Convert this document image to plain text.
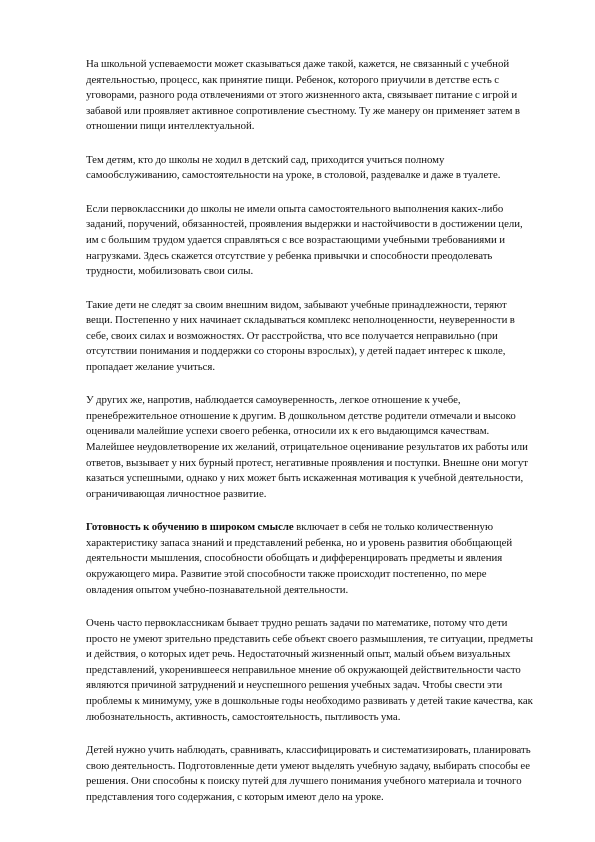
На школьной успеваемости может сказываться даже такой, кажется, не связанный с учебной деятельностью, процесс, как принятие пищи. Ребенок, которого приучили в детстве есть с уговорами, разного рода отвлечениями от этого жизненного акта, связывает питание с игрой и забавой или проявляет активное сопротивление съестному. Ту же манеру он применяет затем в отношении пищи интеллектуальной.

Тем детям, кто до школы не ходил в детский сад, приходится учиться полному самообслуживанию, самостоятельности на уроке, в столовой, раздевалке и даже в туалете.

Если первоклассники до школы не имели опыта самостоятельного выполнения каких-либо заданий, поручений, обязанностей, проявления выдержки и настойчивости в достижении цели, им с большим трудом удается справляться с все возрастающими учебными требованиями и нагрузками. Здесь скажется отсутствие у ребенка привычки и способности преодолевать трудности, мобилизовать свои силы.

Такие дети не следят за своим внешним видом, забывают учебные принадлежности, теряют вещи. Постепенно у них начинает складываться комплекс неполноценности, неуверенности в себе, своих силах и возможностях. От расстройства, что все получается неправильно (при отсутствии понимания и поддержки со стороны взрослых), у детей падает интерес к школе, пропадает желание учиться.

У других же, напротив, наблюдается самоуверенность, легкое отношение к учебе, пренебрежительное отношение к другим. В дошкольном детстве родители отмечали и высоко оценивали малейшие успехи своего ребенка, относили их к его выдающимся качествам. Малейшее неудовлетворение их желаний, отрицательное оценивание результатов их работы или ответов, вызывает у них бурный протест, негативные проявления и поступки. Внешне они могут казаться успешными, однако у них может быть искаженная мотивация к учебной деятельности, ограничивающая личностное развитие.

Готовность к обучению в широком смысле включает в себя не только количественную характеристику запаса знаний и представлений ребенка, но и уровень развития обобщающей деятельности мышления, способности обобщать и дифференцировать предметы и явления окружающего мира. Развитие этой способности также происходит постепенно, по мере овладения опытом учебно-познавательной деятельности.

Очень часто первоклассникам бывает трудно решать задачи по математике, потому что дети просто не умеют зрительно представить себе объект своего размышления, те ситуации, предметы и действия, о которых идет речь. Недостаточный жизненный опыт, малый объем визуальных представлений, укоренившееся неправильное мнение об окружающей действительности часто являются причиной затруднений и неуспешного решения учебных задач. Чтобы свести эти проблемы к минимуму, уже в дошкольные годы необходимо развивать у детей такие качества, как любознательность, активность, самостоятельность, пытливость ума.

Детей нужно учить наблюдать, сравнивать, классифицировать и систематизировать, планировать свою деятельность. Подготовленные дети умеют выделять учебную задачу, выбирать способы ее решения. Они способны к поиску путей для лучшего понимания учебного материала и точного представления того содержания, с которым имеют дело на уроке.
